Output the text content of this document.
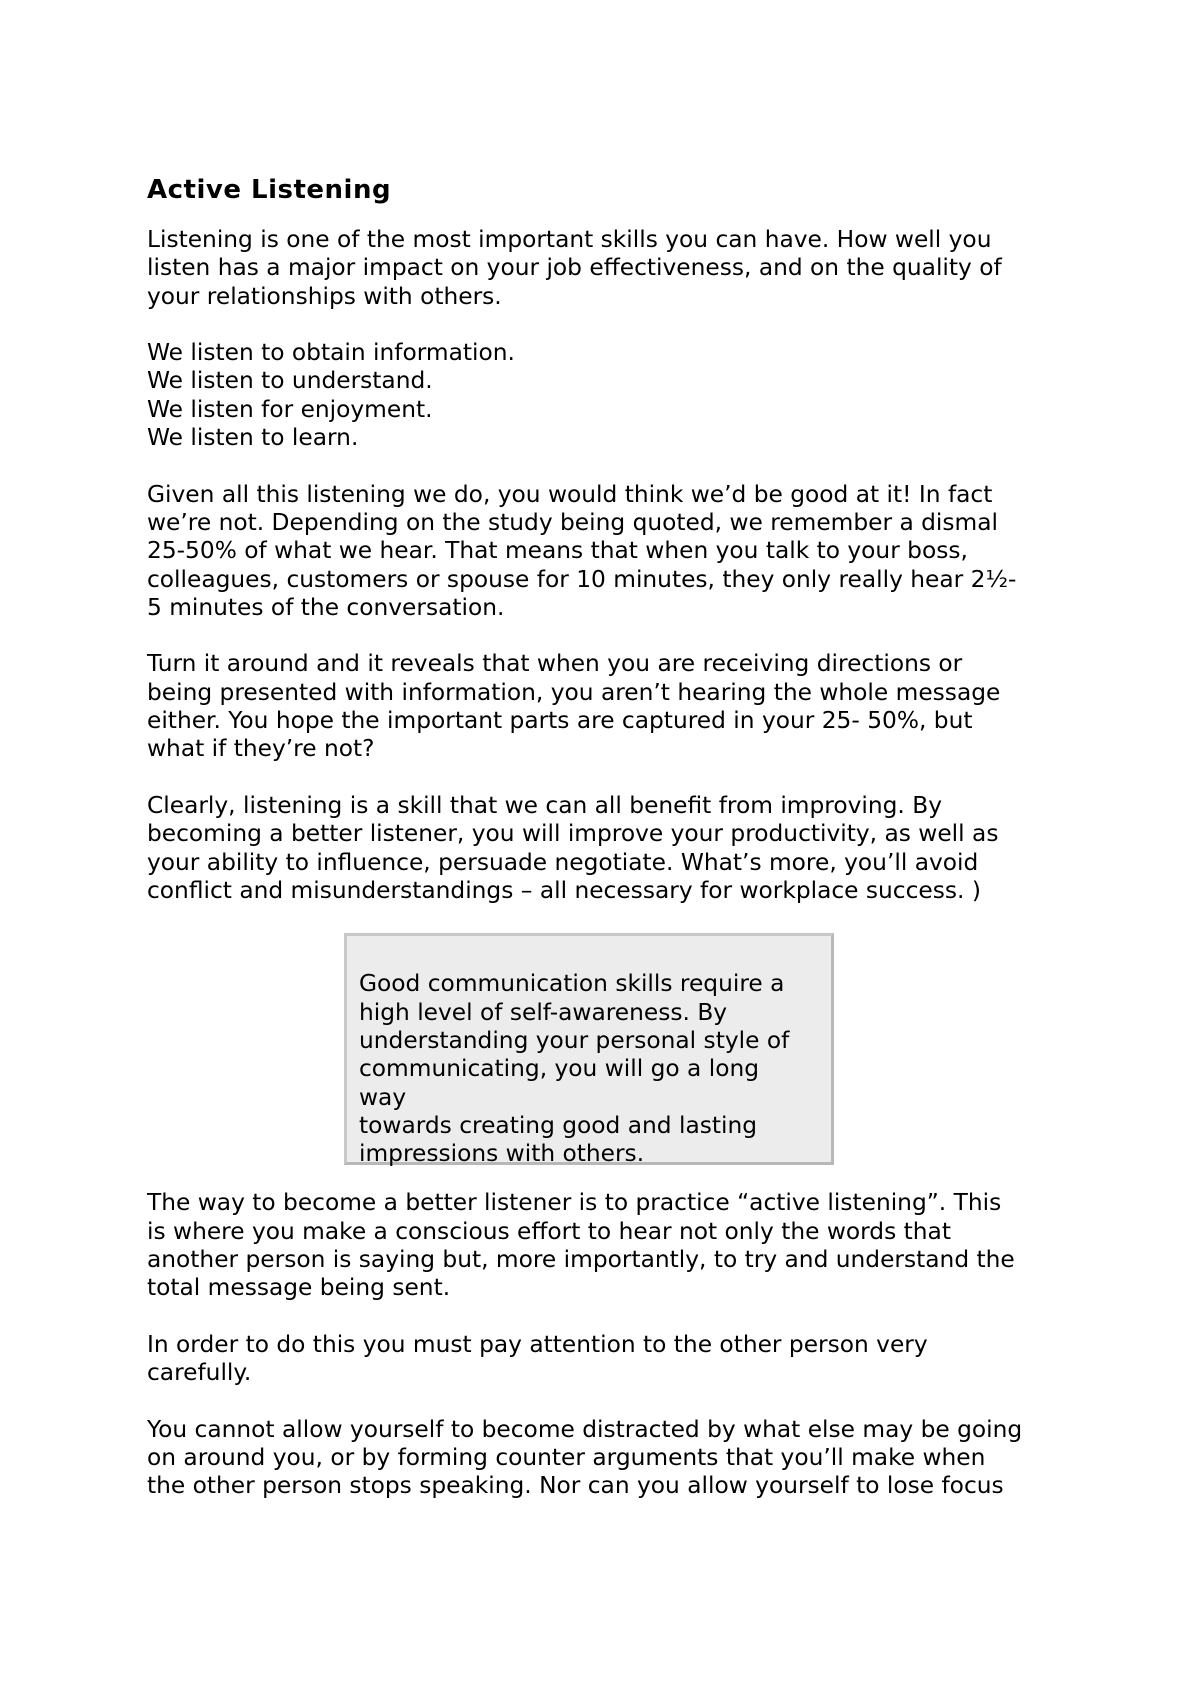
Active Listening

Listening is one of the most important skills you can have. How well you
listen has a major impact on your job effectiveness, and on the quality of
your relationships with others.

We listen to obtain information.
We listen to understand.
We listen for enjoyment.
We listen to learn.

Given all this listening we do, you would think we’d be good at it! In fact
we’re not. Depending on the study being quoted, we remember a dismal
25-50% of what we hear. That means that when you talk to your boss,
colleagues, customers or spouse for 10 minutes, they only really hear 2½-
5 minutes of the conversation.

Turn it around and it reveals that when you are receiving directions or
being presented with information, you aren’t hearing the whole message
either. You hope the important parts are captured in your 25- 50%, but
what if they’re not?

Clearly, listening is a skill that we can all benefit from improving. By
becoming a better listener, you will improve your productivity, as well as
your ability to influence, persuade negotiate. What’s more, you’ll avoid
conflict and misunderstandings – all necessary for workplace success. )

Good communication skills require a
high level of self-awareness. By
understanding your personal style of
communicating, you will go a long way
towards creating good and lasting
impressions with others.

The way to become a better listener is to practice “active listening”. This
is where you make a conscious effort to hear not only the words that
another person is saying but, more importantly, to try and understand the
total message being sent.

In order to do this you must pay attention to the other person very
carefully.

You cannot allow yourself to become distracted by what else may be going
on around you, or by forming counter arguments that you’ll make when
the other person stops speaking. Nor can you allow yourself to lose focus
